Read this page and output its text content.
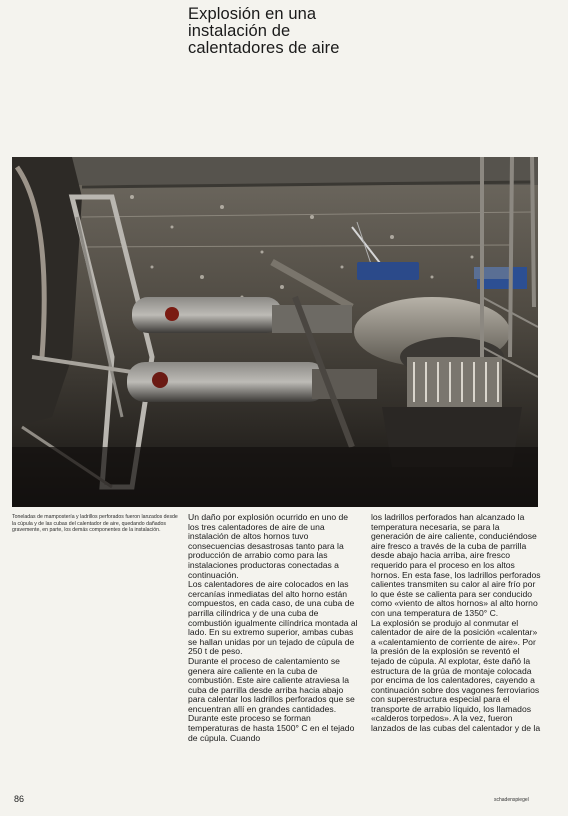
Explosión en una
instalación de
calentadores de aire
Toneladas de mampostería y ladrillos perforados fueron lanzados desde la cúpula y de las cubas del calentador de aire, quedando dañados gravemente, en parte, los demás componentes de la instalación.

Un daño por explosión ocurrido en uno de los tres calentadores de aire de una instalación de altos hornos tuvo consecuencias desastrosas tanto para la producción de arrabio como para las instalaciones productoras conectadas a continuación.

Los calentadores de aire colocados en las cercanías inmediatas del alto horno están compuestos, en cada caso, de una cuba de parrilla cilíndrica y de una cuba de combustión igualmente cilíndrica montada al lado. En su extremo superior, ambas cubas se hallan unidas por un tejado de cúpula de 250 t de peso.

Durante el proceso de calentamiento se genera aire caliente en la cuba de combustión. Este aire caliente atraviesa la cuba de parrilla desde arriba hacia abajo para calentar los ladrillos perforados que se encuentran allí en grandes cantidades. Durante este proceso se forman temperaturas de hasta 1500° C en el tejado de cúpula. Cuando

los ladrillos perforados han alcanzado la temperatura necesaria, se para la generación de aire caliente, conduciéndose aire fresco a través de la cuba de parrilla desde abajo hacia arriba, aire fresco requerido para el proceso en los altos hornos. En esta fase, los ladrillos perforados calientes transmiten su calor al aire frío por lo que éste se calienta para ser conducido como «viento de altos hornos» al alto horno con una temperatura de 1350° C.

La explosión se produjo al conmutar el calentador de aire de la posición «calentar» a «calentamiento de corriente de aire». Por la presión de la explosión se reventó el tejado de cúpula. Al explotar, éste dañó la estructura de la grúa de montaje colocada por encima de los calentadores, cayendo a continuación sobre dos vagones ferroviarios con superestructura especial para el transporte de arrabio líquido, los llamados «calderos torpedos». A la vez, fueron lanzados de las cubas del calentador y de la

86	schadenspiegel
